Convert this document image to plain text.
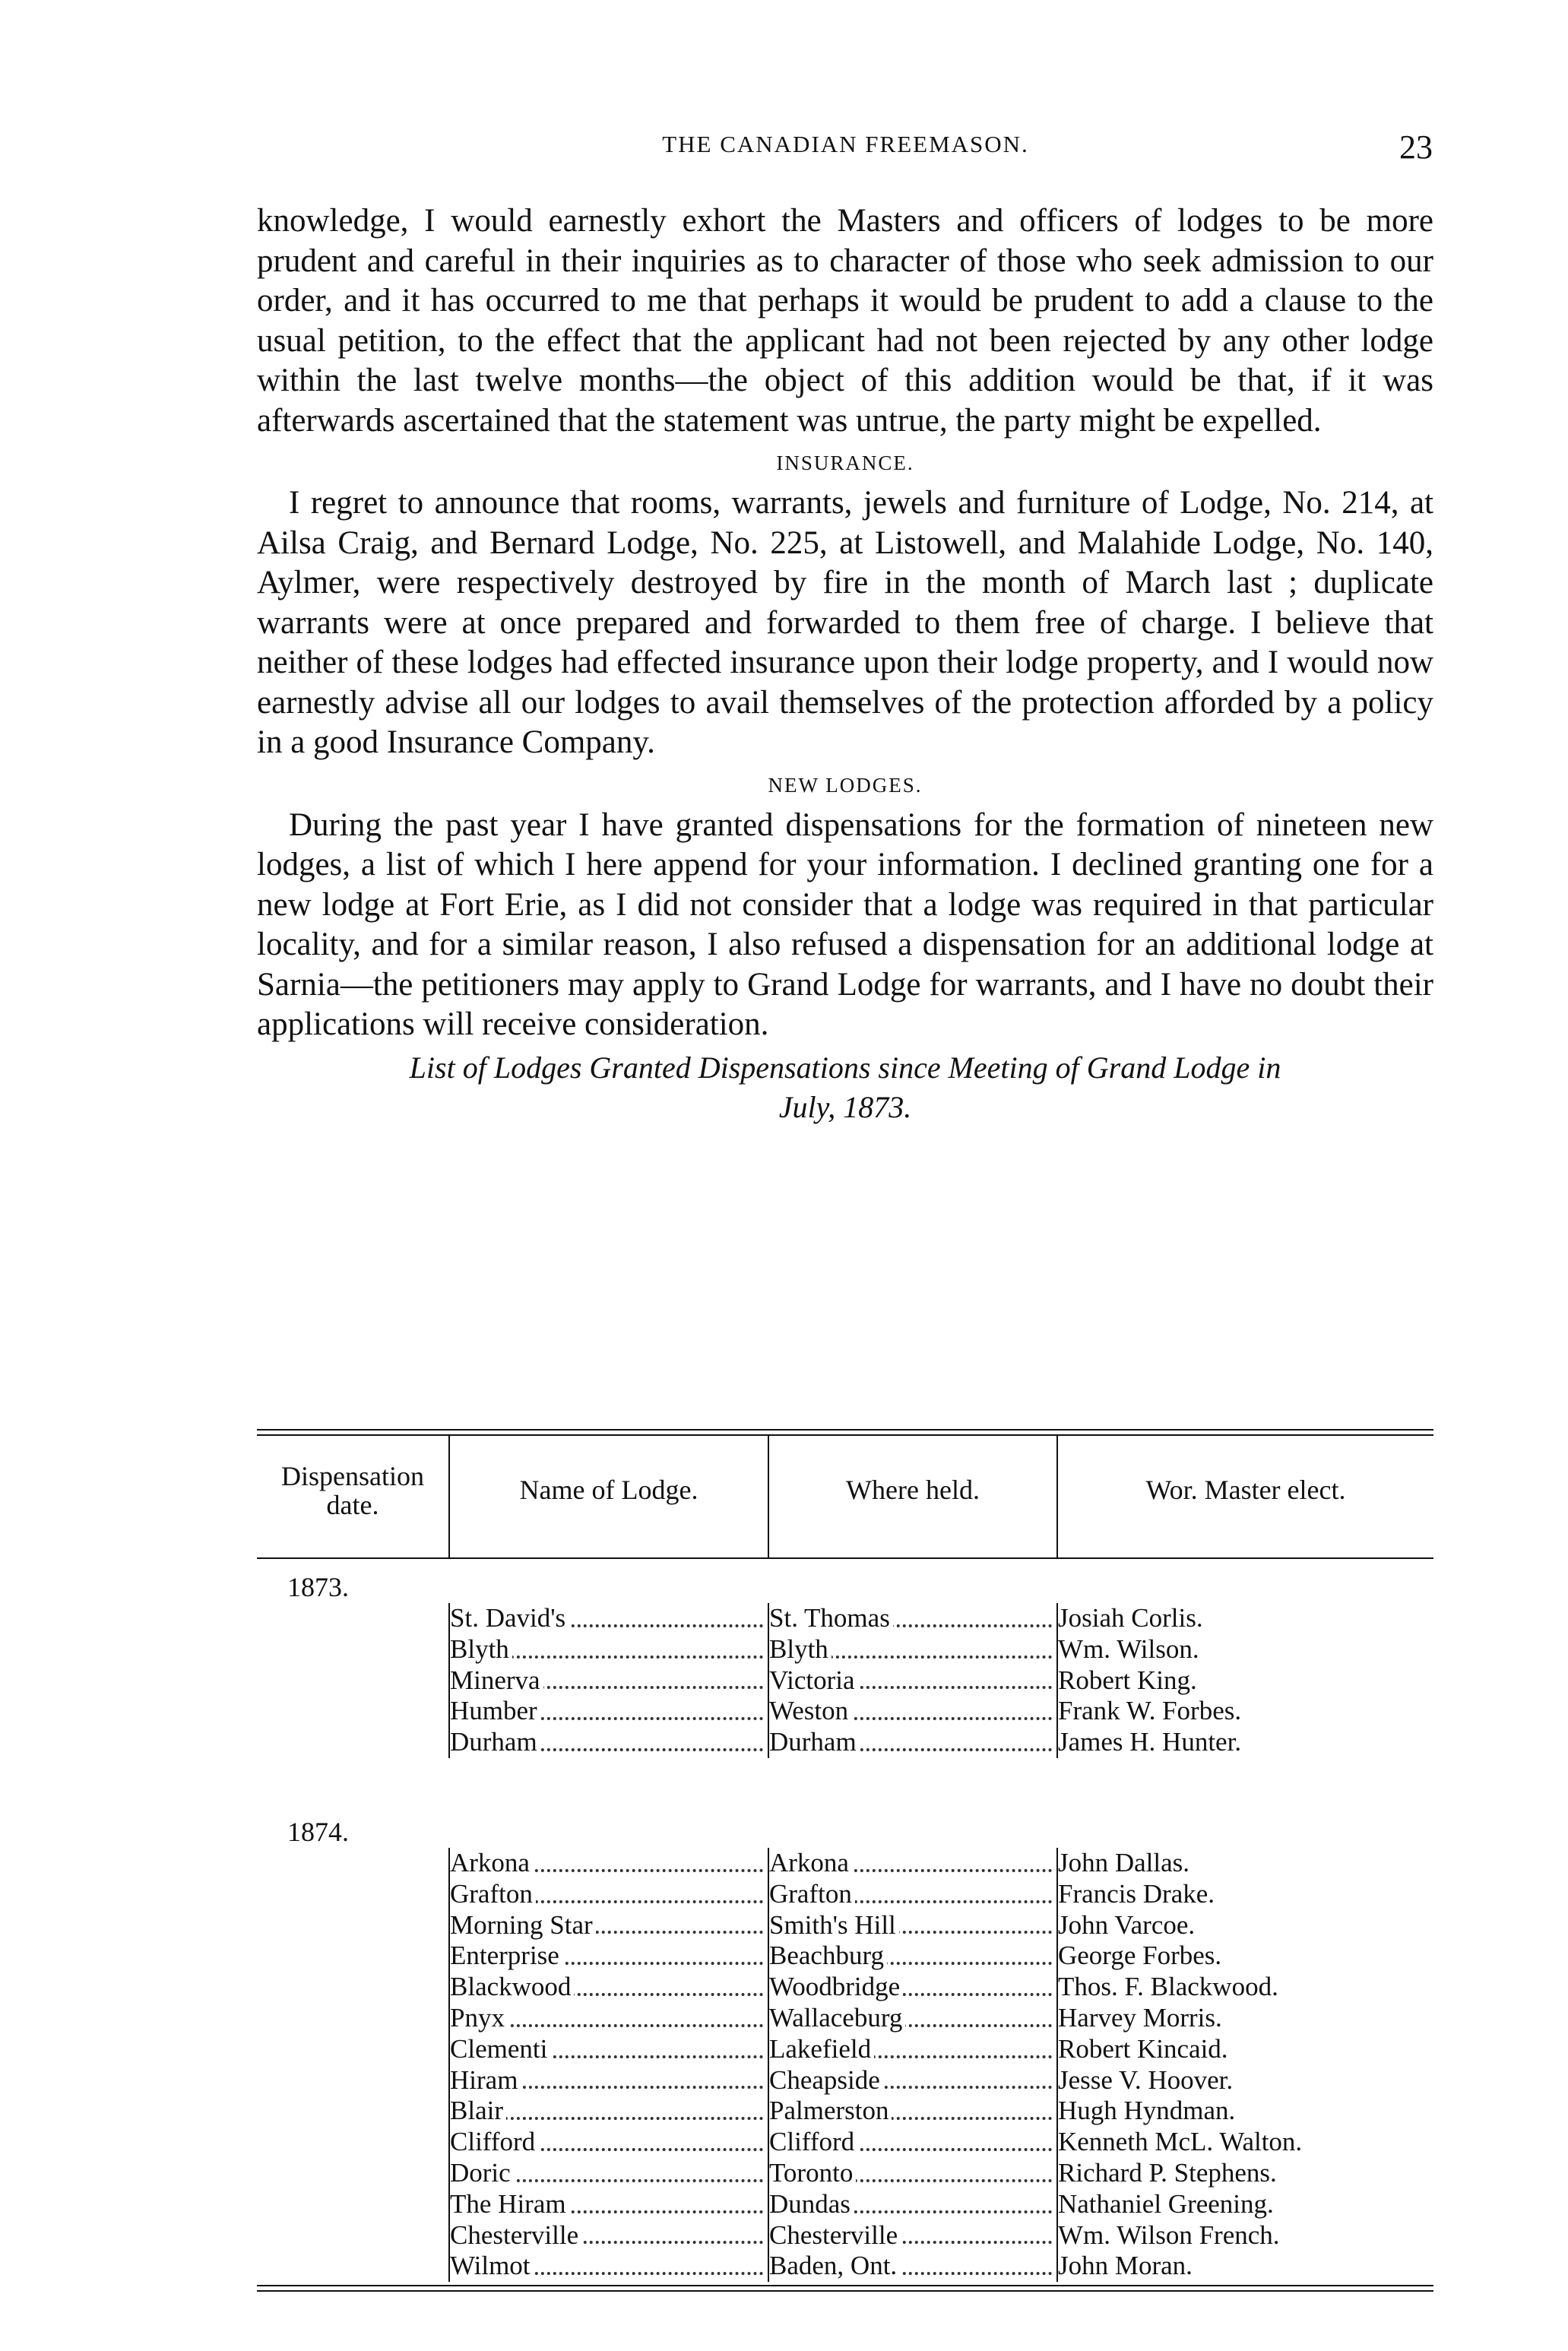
THE CANADIAN FREEMASON.	23

knowledge, I would earnestly exhort the Masters and officers of lodges to be more prudent and careful in their inquiries as to character of those who seek admission to our order, and it has occurred to me that perhaps it would be prudent to add a clause to the usual petition, to the effect that the applicant had not been rejected by any other lodge within the last twelve months—the object of this addition would be that, if it was afterwards ascertained that the statement was untrue, the party might be expelled.

INSURANCE.

I regret to announce that rooms, warrants, jewels and furniture of Lodge, No. 214, at Ailsa Craig, and Bernard Lodge, No. 225, at Listowell, and Malahide Lodge, No. 140, Aylmer, were respectively destroyed by fire in the month of March last ; duplicate warrants were at once prepared and forwarded to them free of charge. I believe that neither of these lodges had effected insurance upon their lodge property, and I would now earnestly advise all our lodges to avail themselves of the protection afforded by a policy in a good Insurance Company.

NEW LODGES.

During the past year I have granted dispensations for the formation of nineteen new lodges, a list of which I here append for your information. I declined granting one for a new lodge at Fort Erie, as I did not consider that a lodge was required in that particular locality, and for a similar reason, I also refused a dispensation for an additional lodge at Sarnia—the petitioners may apply to Grand Lodge for warrants, and I have no doubt their applications will receive consideration.

List of Lodges Granted Dispensations since Meeting of Grand Lodge in
July, 1873.
Dispensation
date.	Name of Lodge.	Where held.	Wor. Master elect.
1873.
St. David's	St. Thomas	Josiah Corlis.
Blyth	Blyth	Wm. Wilson.
Minerva	Victoria	Robert King.
Humber	Weston	Frank W. Forbes.
Durham	Durham	James H. Hunter.
1874.
Arkona	Arkona	John Dallas.
Grafton	Grafton	Francis Drake.
Morning Star	Smith's Hill	John Varcoe.
Enterprise	Beachburg	George Forbes.
Blackwood	Woodbridge	Thos. F. Blackwood.
Pnyx	Wallaceburg	Harvey Morris.
Clementi	Lakefield	Robert Kincaid.
Hiram	Cheapside	Jesse V. Hoover.
Blair	Palmerston	Hugh Hyndman.
Clifford	Clifford	Kenneth McL. Walton.
Doric	Toronto	Richard P. Stephens.
The Hiram	Dundas	Nathaniel Greening.
Chesterville	Chesterville	Wm. Wilson French.
Wilmot	Baden, Ont.	John Moran.
